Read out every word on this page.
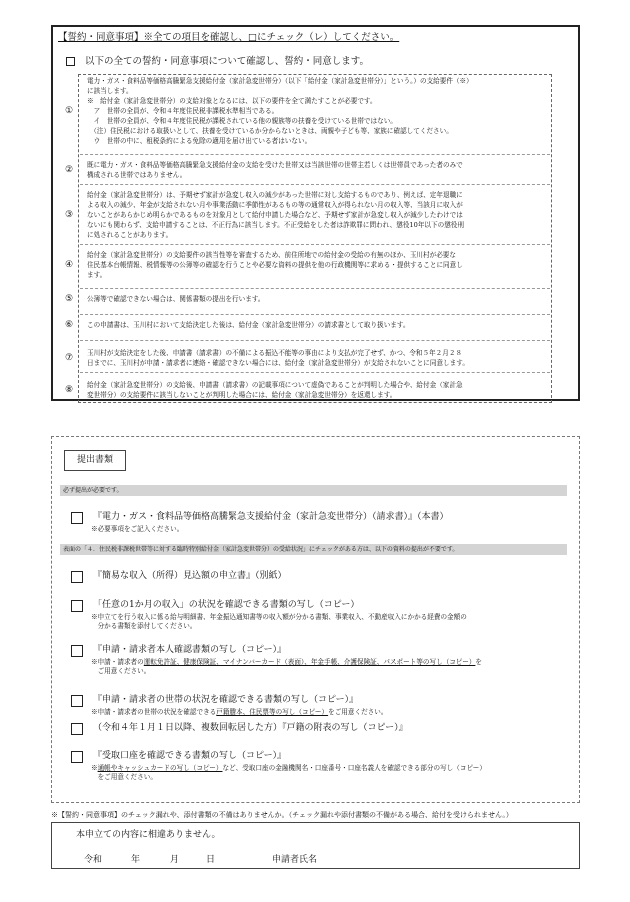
【誓約・同意事項】※全ての項目を確認し、□にチェック（レ）してください。
以下の全ての誓約・同意事項について確認し、誓約・同意します。
①
電力・ガス・食料品等価格高騰緊急支援給付金（家計急変世帯分）（以下「給付金（家計急変世帯分）」という。）の支給要件（※）
に該当します。
※　給付金（家計急変世帯分）の支給対象となるには、以下の要件を全て満たすことが必要です。
　ア　世帯の全員が、令和４年度住民税非課税水準相当である。
　イ　世帯の全員が、令和４年度住民税が課税されている他の親族等の扶養を受けている世帯ではない。
　（注）住民税における取扱いとして、扶養を受けているか分からないときは、両親や子ども等、家族に確認してください。
　ウ　世帯の中に、租税条約による免除の適用を届け出ている者はいない。
② 既に電力・ガス・食料品等価格高騰緊急支援給付金の支給を受けた世帯又は当該世帯の世帯主若しくは世帯員であった者のみで
構成される世帯ではありません。
③
給付金（家計急変世帯分）は、予期せず家計が急変し収入の減少があった世帯に対し支給するものであり、例えば、定年退職に
よる収入の減少、年金が支給されない月や事業活動に季節性があるもの等の通常収入が得られない月の収入等、当該月に収入が
ないことがあらかじめ明らかであるものを対象月として給付申請した場合など、予期せず家計が急変し収入が減少したわけでは
ないにも関わらず、支給申請することは、不正行為に該当します。不正受給をした者は詐欺罪に問われ、懲役10年以下の懲役刑
に処されることがあります。
④
給付金（家計急変世帯分）の支給要件の該当性等を審査するため、前住所地での給付金の受給の有無のほか、玉川村が必要な
住民基本台帳情報、税情報等の公簿等の確認を行うことや必要な資料の提供を他の行政機関等に求める・提供することに同意し
ます。
⑤ 公簿等で確認できない場合は、関係書類の提出を行います。
⑥ この申請書は、玉川村において支給決定した後は、給付金（家計急変世帯分）の請求書として取り扱います。
⑦ 玉川村が支給決定をした後、申請書（請求書）の不備による振込不能等の事由により支払が完了せず、かつ、令和５年２月２８
日までに、玉川村が申請・請求者に連絡・確認できない場合には、給付金（家計急変世帯分）が支給されないことに同意します。
⑧ 給付金（家計急変世帯分）の支給後、申請書（請求書）の記載事項について虚偽であることが判明した場合や、給付金（家計急
変世帯分）の支給要件に該当しないことが判明した場合には、給付金（家計急変世帯分）を返還します。
提出書類
必ず提出が必要です。
表面の「４．住民税非課税世帯等に対する臨時特別給付金（家計急変世帯分）の受給状況」にチェックがある方は、以下の資料の提出が不要です。
『電力・ガス・食料品等価格高騰緊急支援給付金（家計急変世帯分）（請求書）』（本書）
※必要事項をご記入ください。
『簡易な収入（所得）見込額の申立書』（別紙）
「任意の1か月の収入」の状況を確認できる書類の写し（コピー）
※申立てを行う収入に係る給与明細書、年金振込通知書等の収入額が分かる書類、事業収入、不動産収入にかかる経費の金額の
　分かる書類を添付してください。
『申請・請求者本人確認書類の写し（コピー）』
※申請・請求者の運転免許証、健康保険証、マイナンバーカード（表面）、年金手帳、介護保険証、パスポート等の写し（コピー）を
　ご用意ください。
『申請・請求者の世帯の状況を確認できる書類の写し（コピー）』
※申請・請求者の世帯の状況を確認できる戸籍謄本、住民票等の写し（コピー）をご用意ください。
（令和４年１月１日以降、複数回転居した方）『戸籍の附表の写し（コピー）』
『受取口座を確認できる書類の写し（コピー）』
※通帳やキャッシュカードの写し（コピー）など、受取口座の金融機関名・口座番号・口座名義人を確認できる部分の写し（コピー）
　をご用意ください。
※【誓約・同意事項】のチェック漏れや、添付書類の不備はありませんか。（チェック漏れや添付書類の不備がある場合、給付を受けられません。）
本申立ての内容に相違ありません。
令和	年	月	日	申請者氏名
